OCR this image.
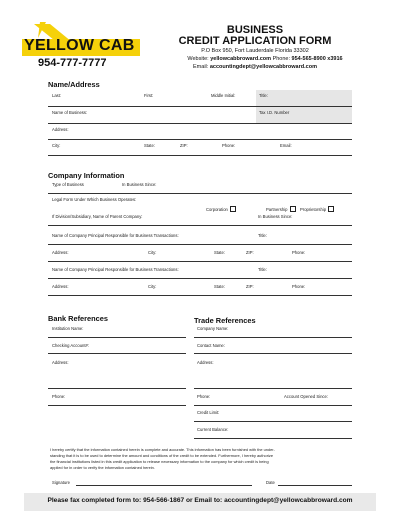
YELLOW CAB
954-777-7777
BUSINESS
CREDIT APPLICATION FORM
P.O Box 950, Fort Lauderdale Florida 33302
Website: yellowcabbroward.com Phone: 954-565-8900 x3916
Email: accountingdept@yellowcabbroward.com
Name/Address
Last:	First:	Middle Initial:	Title:
Name of Business:	Tax I.D. Number
Address:
City:	State:	ZIP:	Phone:	Email:
Company Information
Type of Business	In Business Since:
Legal Form Under Which Business Operates:
Corporation	Partnership	Proprietorship
If Division/Subsidiary, Name of Parent Company:	In Business Since:
Name of Company Principal Responsible for Business Transactions:	Title:
Address:	City:	State:	ZIP:	Phone:
Name of Company Principal Responsible for Business Transactions:	Title:
Address:	City:	State:	ZIP:	Phone:
Bank References
Institution Name:
Checking Account#:
Address:
Phone:
Trade References
Company Name:
Contact Name:
Address:
Phone:	Account Opened Since:
Credit Limit:
Current Balance:
I hereby certify that the information contained herein is complete and accurate. This information has been furnished with the under-
standing that it is to be used to determine the amount and conditions of the credit to be extended. Furthermore, I hereby authorize
the financial institutions listed in this credit application to release necessary information to the company for which credit is being
applied for in order to verify the information contained herein.
Signature	Date
Please fax completed form to: 954-566-1867 or Email to: accountingdept@yellowcabbroward.com
